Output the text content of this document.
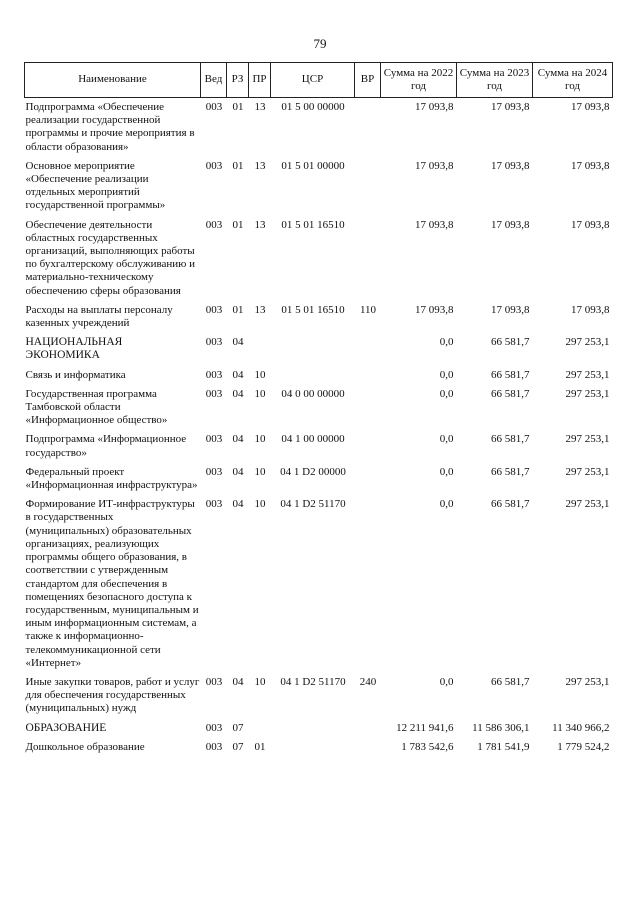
79
Наименование	Вед	РЗ	ПР	ЦСР	ВР	Сумма на 2022 год	Сумма на 2023 год	Сумма на 2024 год
Подпрограмма «Обеспечение реализации государственной программы и прочие мероприятия в области образования»	003	01	13	01 5 00 00000		17 093,8	17 093,8	17 093,8
Основное мероприятие «Обеспечение реализации отдельных мероприятий государственной программы»	003	01	13	01 5 01 00000		17 093,8	17 093,8	17 093,8
Обеспечение деятельности областных государственных организаций, выполняющих работы по бухгалтерскому обслуживанию и материально-техническому обеспечению сферы образования	003	01	13	01 5 01 16510		17 093,8	17 093,8	17 093,8
Расходы на выплаты персоналу казенных учреждений	003	01	13	01 5 01 16510	110	17 093,8	17 093,8	17 093,8
НАЦИОНАЛЬНАЯ ЭКОНОМИКА	003	04				0,0	66 581,7	297 253,1
Связь и информатика	003	04	10			0,0	66 581,7	297 253,1
Государственная программа Тамбовской области «Информационное общество»	003	04	10	04 0 00 00000		0,0	66 581,7	297 253,1
Подпрограмма «Информационное государство»	003	04	10	04 1 00 00000		0,0	66 581,7	297 253,1
Федеральный проект «Информационная инфраструктура»	003	04	10	04 1 D2 00000		0,0	66 581,7	297 253,1
Формирование ИТ-инфраструктуры в государственных (муниципальных) образовательных организациях, реализующих программы общего образования, в соответствии с утвержденным стандартом для обеспечения в помещениях безопасного доступа к государственным, муниципальным и иным информационным системам, а также к информационно-телекоммуникационной сети «Интернет»	003	04	10	04 1 D2 51170		0,0	66 581,7	297 253,1
Иные закупки товаров, работ и услуг для обеспечения государственных (муниципальных) нужд	003	04	10	04 1 D2 51170	240	0,0	66 581,7	297 253,1
ОБРАЗОВАНИЕ	003	07				12 211 941,6	11 586 306,1	11 340 966,2
Дошкольное образование	003	07	01			1 783 542,6	1 781 541,9	1 779 524,2
